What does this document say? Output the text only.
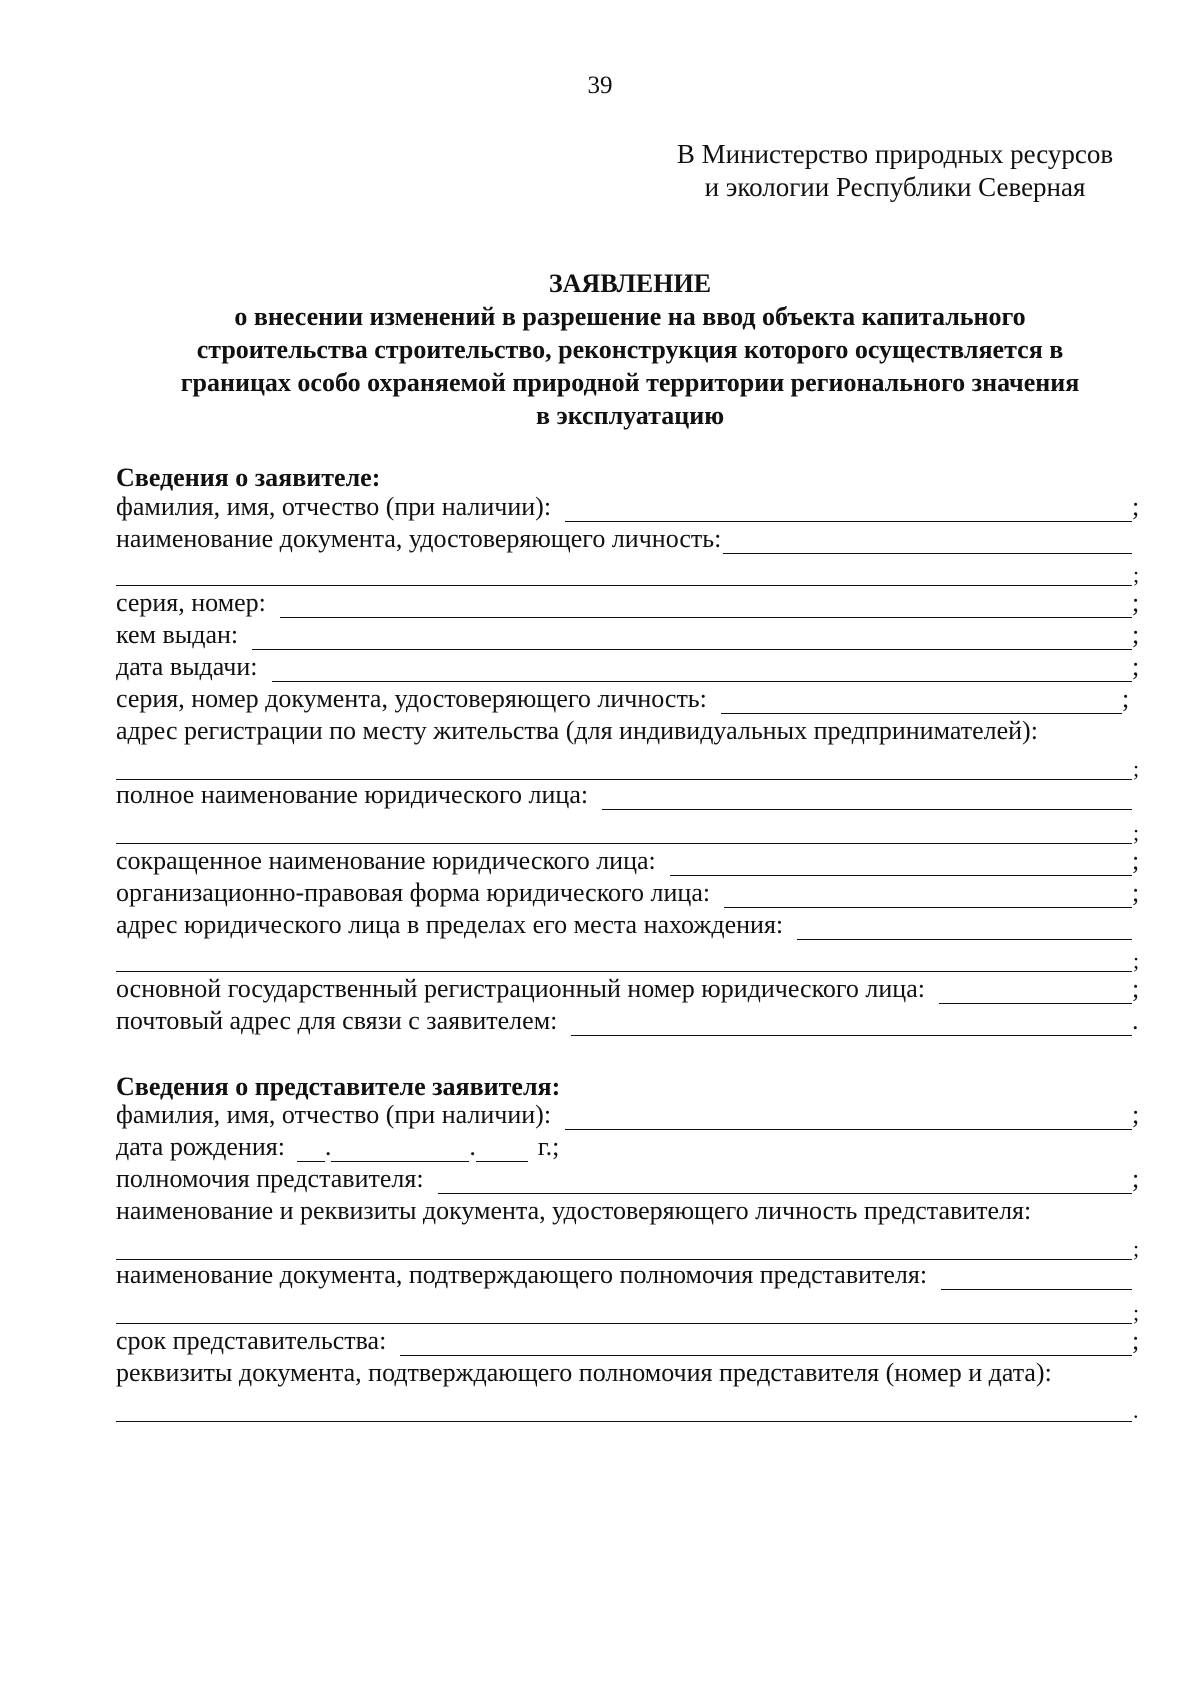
39
В Министерство природных ресурсов
и экологии Республики Северная
ЗАЯВЛЕНИЕ
о внесении изменений в разрешение на ввод объекта капитального
строительства строительство, реконструкция которого осуществляется в
границах особо охраняемой природной территории регионального значения
в эксплуатацию
Сведения о заявителе:
фамилия, имя, отчество (при наличии):	;
наименование документа, удостоверяющего личность:
;
серия, номер:	;
кем выдан:	;
дата выдачи:	;
серия, номер документа, удостоверяющего личность:	;
адрес регистрации по месту жительства (для индивидуальных предпринимателей):
;
полное наименование юридического лица:
;
сокращенное наименование юридического лица:	;
организационно-правовая форма юридического лица:	;
адрес юридического лица в пределах его места нахождения:
;
основной государственный регистрационный номер юридического лица:	;
почтовый адрес для связи с заявителем:	.
Сведения о представителе заявителя:
фамилия, имя, отчество (при наличии):	;
дата рождения: .	. г.;
полномочия представителя:	;
наименование и реквизиты документа, удостоверяющего личность представителя:
;
наименование документа, подтверждающего полномочия представителя:
;
срок представительства:	;
реквизиты документа, подтверждающего полномочия представителя (номер и дата):
.
